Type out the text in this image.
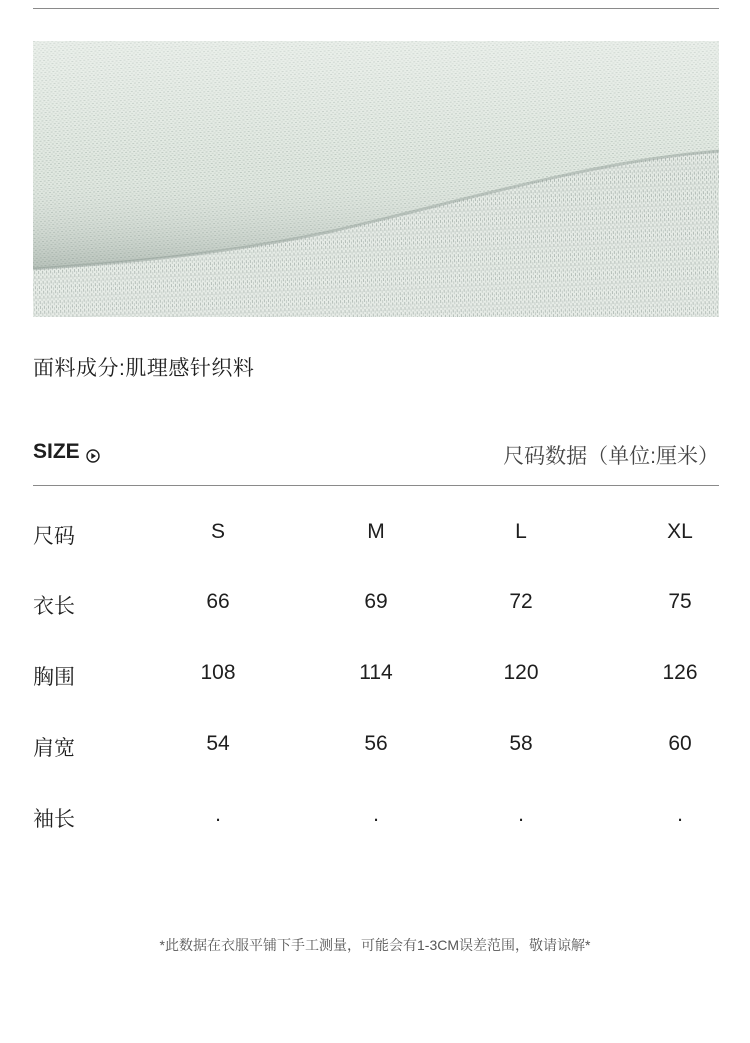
面料成分:肌理感针织料
SIZE	尺码数据（单位:厘米）
尺码	S	M	L	XL
衣长	66	69	72	75
胸围	108	114	120	126
肩宽	54	56	58	60
袖长	.	.	.	.
*此数据在衣服平铺下手工测量，可能会有1-3CM误差范围，敬请谅解*
